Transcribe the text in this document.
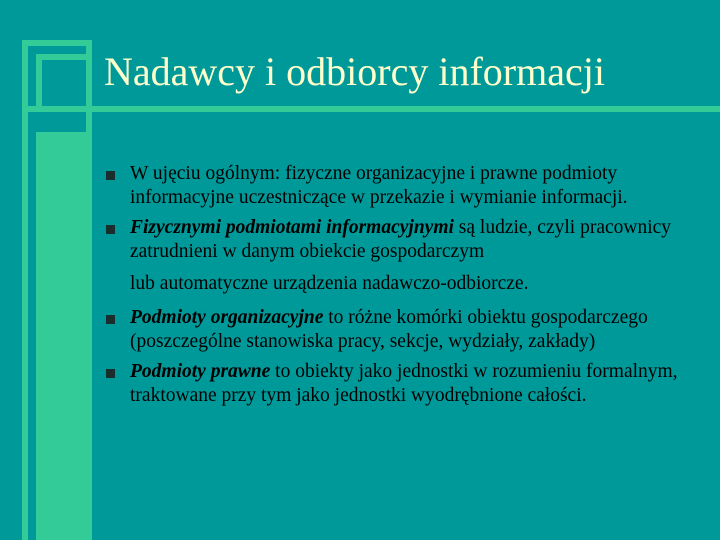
Nadawcy i odbiorcy informacji
W ujęciu ogólnym: fizyczne organizacyjne i prawne podmioty informacyjne uczestniczące w przekazie i wymianie informacji.
Fizycznymi podmiotami informacyjnymi są ludzie, czyli pracownicy zatrudnieni w danym obiekcie gospodarczym
lub automatyczne urządzenia nadawczo-odbiorcze.
Podmioty organizacyjne to różne komórki obiektu gospodarczego (poszczególne stanowiska pracy, sekcje, wydziały, zakłady)
Podmioty prawne to obiekty jako jednostki w rozumieniu formalnym, traktowane przy tym jako jednostki wyodrębnione całości.
